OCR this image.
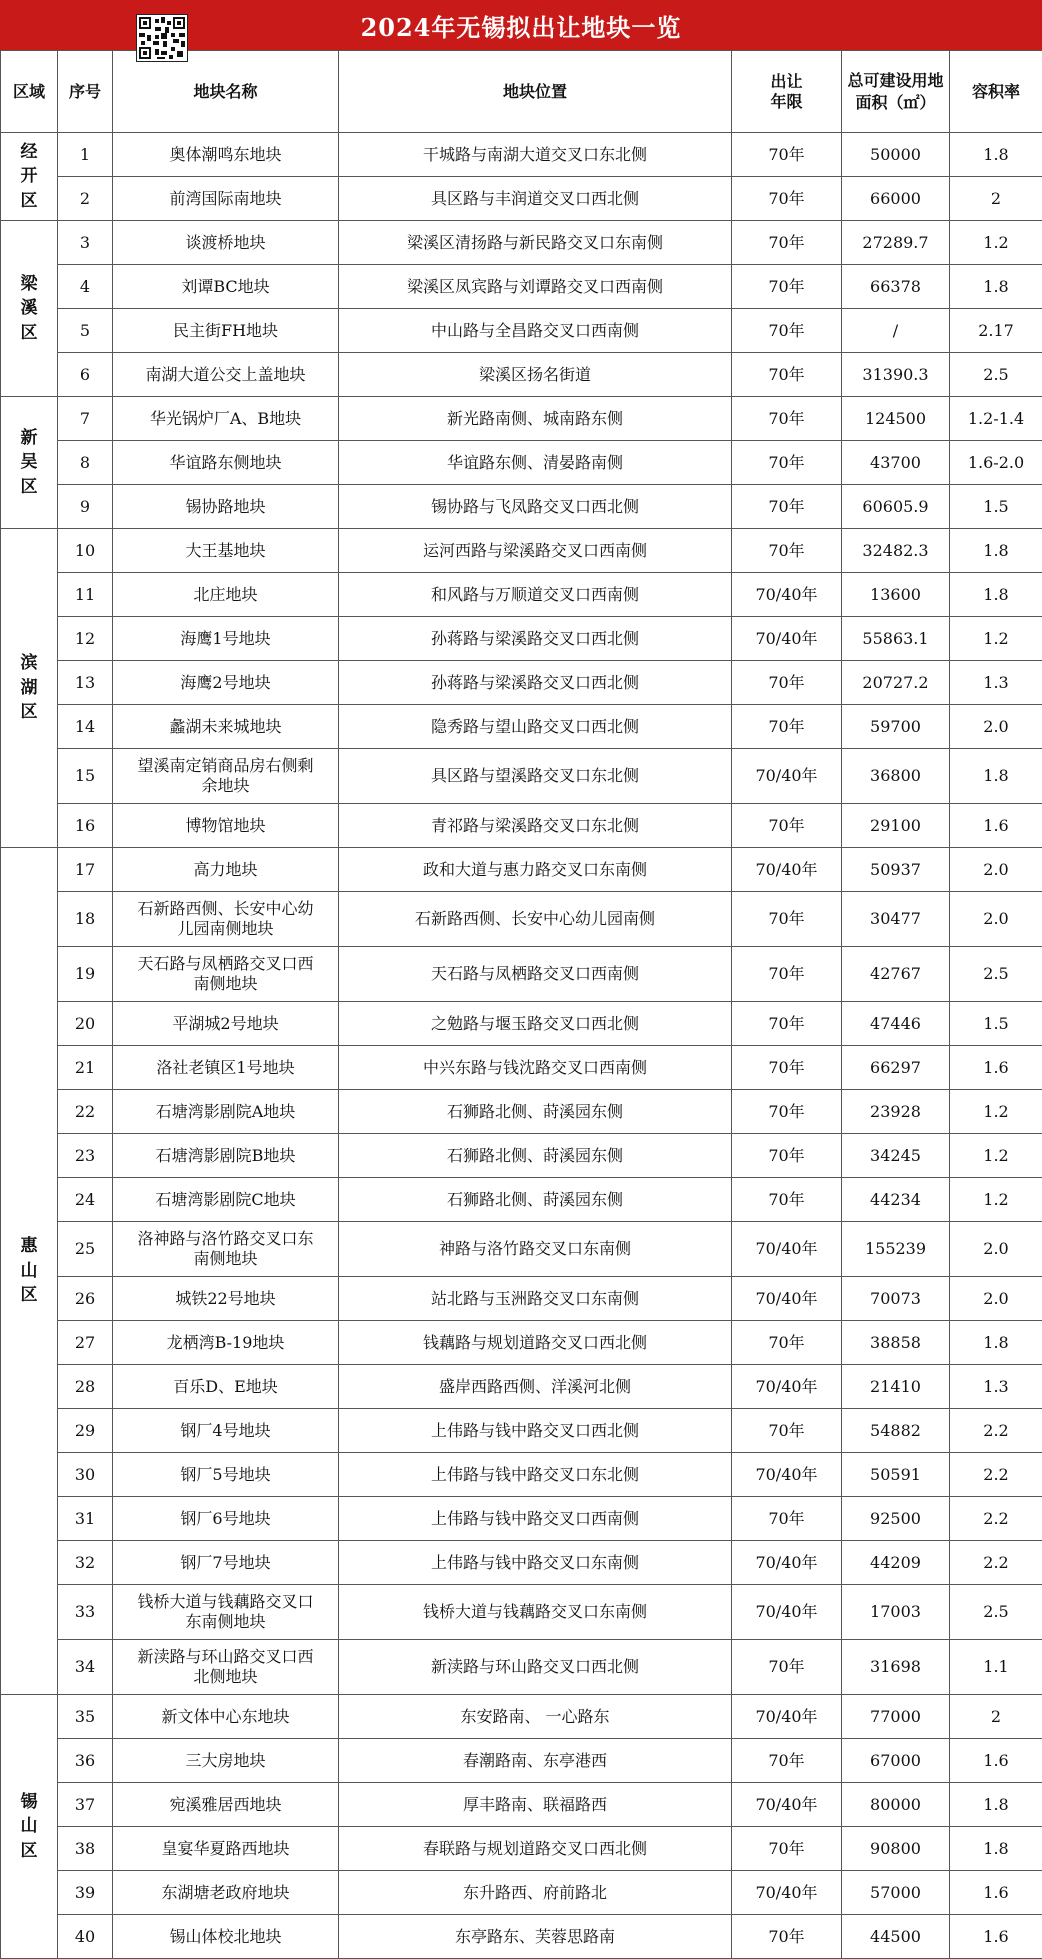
2024年无锡拟出让地块一览
区域	序号	地块名称	地块位置	出让年限	总可建设用地面积（㎡）	容积率
经开区	1	奥体潮鸣东地块	干城路与南湖大道交叉口东北侧	70年	50000	1.8
	2	前湾国际南地块	具区路与丰润道交叉口西北侧	70年	66000	2
梁溪区	3	谈渡桥地块	梁溪区清扬路与新民路交叉口东南侧	70年	27289.7	1.2
	4	刘谭BC地块	梁溪区凤宾路与刘谭路交叉口西南侧	70年	66378	1.8
	5	民主街FH地块	中山路与全昌路交叉口西南侧	70年	/	2.17
	6	南湖大道公交上盖地块	梁溪区扬名街道	70年	31390.3	2.5
新吴区	7	华光锅炉厂A、B地块	新光路南侧、城南路东侧	70年	124500	1.2-1.4
	8	华谊路东侧地块	华谊路东侧、清晏路南侧	70年	43700	1.6-2.0
	9	锡协路地块	锡协路与飞凤路交叉口西北侧	70年	60605.9	1.5
滨湖区	10	大王基地块	运河西路与梁溪路交叉口西南侧	70年	32482.3	1.8
	11	北庄地块	和风路与万顺道交叉口西南侧	70/40年	13600	1.8
	12	海鹰1号地块	孙蒋路与梁溪路交叉口西北侧	70/40年	55863.1	1.2
	13	海鹰2号地块	孙蒋路与梁溪路交叉口西北侧	70年	20727.2	1.3
	14	蠡湖未来城地块	隐秀路与望山路交叉口西北侧	70年	59700	2.0
	15	望溪南定销商品房右侧剩余地块	具区路与望溪路交叉口东北侧	70/40年	36800	1.8
	16	博物馆地块	青祁路与梁溪路交叉口东北侧	70年	29100	1.6
惠山区	17	高力地块	政和大道与惠力路交叉口东南侧	70/40年	50937	2.0
	18	石新路西侧、长安中心幼儿园南侧地块	石新路西侧、长安中心幼儿园南侧	70年	30477	2.0
	19	天石路与凤栖路交叉口西南侧地块	天石路与凤栖路交叉口西南侧	70年	42767	2.5
	20	平湖城2号地块	之勉路与堰玉路交叉口西北侧	70年	47446	1.5
	21	洛社老镇区1号地块	中兴东路与钱沈路交叉口西南侧	70年	66297	1.6
	22	石塘湾影剧院A地块	石狮路北侧、莳溪园东侧	70年	23928	1.2
	23	石塘湾影剧院B地块	石狮路北侧、莳溪园东侧	70年	34245	1.2
	24	石塘湾影剧院C地块	石狮路北侧、莳溪园东侧	70年	44234	1.2
	25	洛神路与洛竹路交叉口东南侧地块	神路与洛竹路交叉口东南侧	70/40年	155239	2.0
	26	城铁22号地块	站北路与玉洲路交叉口东南侧	70/40年	70073	2.0
	27	龙栖湾B-19地块	钱藕路与规划道路交叉口西北侧	70年	38858	1.8
	28	百乐D、E地块	盛岸西路西侧、洋溪河北侧	70/40年	21410	1.3
	29	钢厂4号地块	上伟路与钱中路交叉口西北侧	70年	54882	2.2
	30	钢厂5号地块	上伟路与钱中路交叉口东北侧	70/40年	50591	2.2
	31	钢厂6号地块	上伟路与钱中路交叉口西南侧	70年	92500	2.2
	32	钢厂7号地块	上伟路与钱中路交叉口东南侧	70/40年	44209	2.2
	33	钱桥大道与钱藕路交叉口东南侧地块	钱桥大道与钱藕路交叉口东南侧	70/40年	17003	2.5
	34	新渎路与环山路交叉口西北侧地块	新渎路与环山路交叉口西北侧	70年	31698	1.1
锡山区	35	新文体中心东地块	东安路南、 一心路东	70/40年	77000	2
	36	三大房地块	春潮路南、东亭港西	70年	67000	1.6
	37	宛溪雅居西地块	厚丰路南、联福路西	70/40年	80000	1.8
	38	皇宴华夏路西地块	春联路与规划道路交叉口西北侧	70年	90800	1.8
	39	东湖塘老政府地块	东升路西、府前路北	70/40年	57000	1.6
	40	锡山体校北地块	东亭路东、芙蓉思路南	70年	44500	1.6
